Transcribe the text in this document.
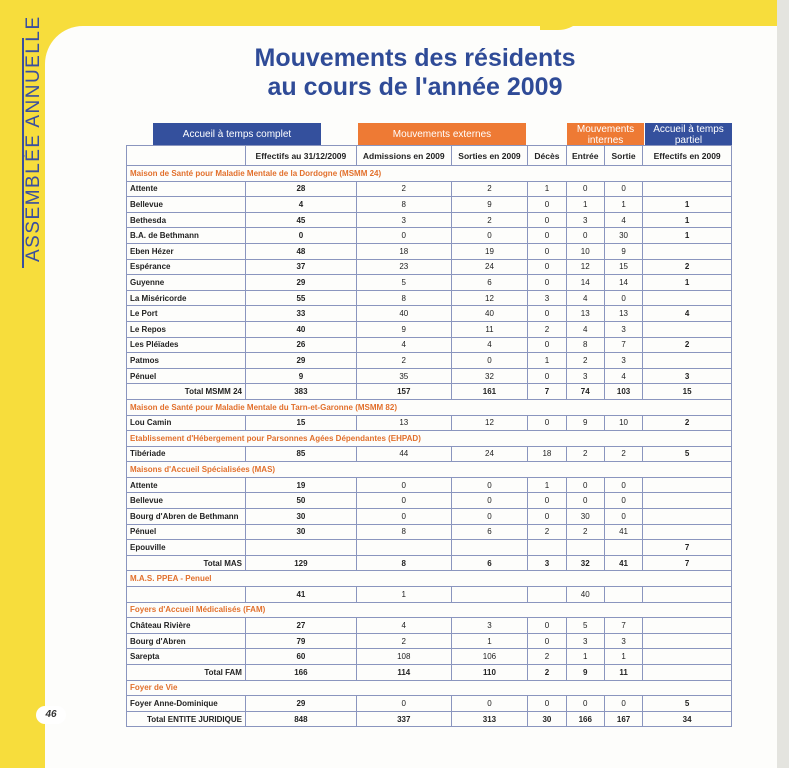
ASSEMBLÉE ANNUELLE
46
Mouvements des résidents
au cours de l'année 2009
Accueil à temps complet	Mouvements externes	Mouvements internes
Accueil à temps partiel
	Effectifs au 31/12/2009	Admissions en 2009	Sorties en 2009	Décès	Entrée	Sortie	Effectifs en 2009
Maison de Santé pour Maladie Mentale de la Dordogne (MSMM 24)							
Attente	28	2	2	1	0	0	
Bellevue	4	8	9	0	1	1	1
Bethesda	45	3	2	0	3	4	1
B.A. de Bethmann	0	0	0	0	0	30	1
Eben Hézer	48	18	19	0	10	9	
Espérance	37	23	24	0	12	15	2
Guyenne	29	5	6	0	14	14	1
La Miséricorde	55	8	12	3	4	0	
Le Port	33	40	40	0	13	13	4
Le Repos	40	9	11	2	4	3	
Les Pléïades	26	4	4	0	8	7	2
Patmos	29	2	0	1	2	3	
Pénuel	9	35	32	0	3	4	3
Total MSMM 24	383	157	161	7	74	103	15
Maison de Santé pour Maladie Mentale du Tarn-et-Garonne (MSMM 82)							
Lou Camin	15	13	12	0	9	10	2
Etablissement d'Hébergement pour Parsonnes Agées Dépendantes (EHPAD)							
Tibériade	85	44	24	18	2	2	5
Maisons d'Accueil Spécialisées (MAS)							
Attente	19	0	0	1	0	0	
Bellevue	50	0	0	0	0	0	
Bourg d'Abren de Bethmann	30	0	0	0	30	0	
Pénuel	30	8	6	2	2	41	
Epouville							7
Total MAS	129	8	6	3	32	41	7
M.A.S. PPEA - Penuel							
	41	1			40		
Foyers d'Accueil Médicalisés (FAM)							
Château Rivière	27	4	3	0	5	7	
Bourg d'Abren	79	2	1	0	3	3	
Sarepta	60	108	106	2	1	1	
Total FAM	166	114	110	2	9	11	
Foyer de Vie							
Foyer Anne-Dominique	29	0	0	0	0	0	5
Total ENTITE JURIDIQUE	848	337	313	30	166	167	34
